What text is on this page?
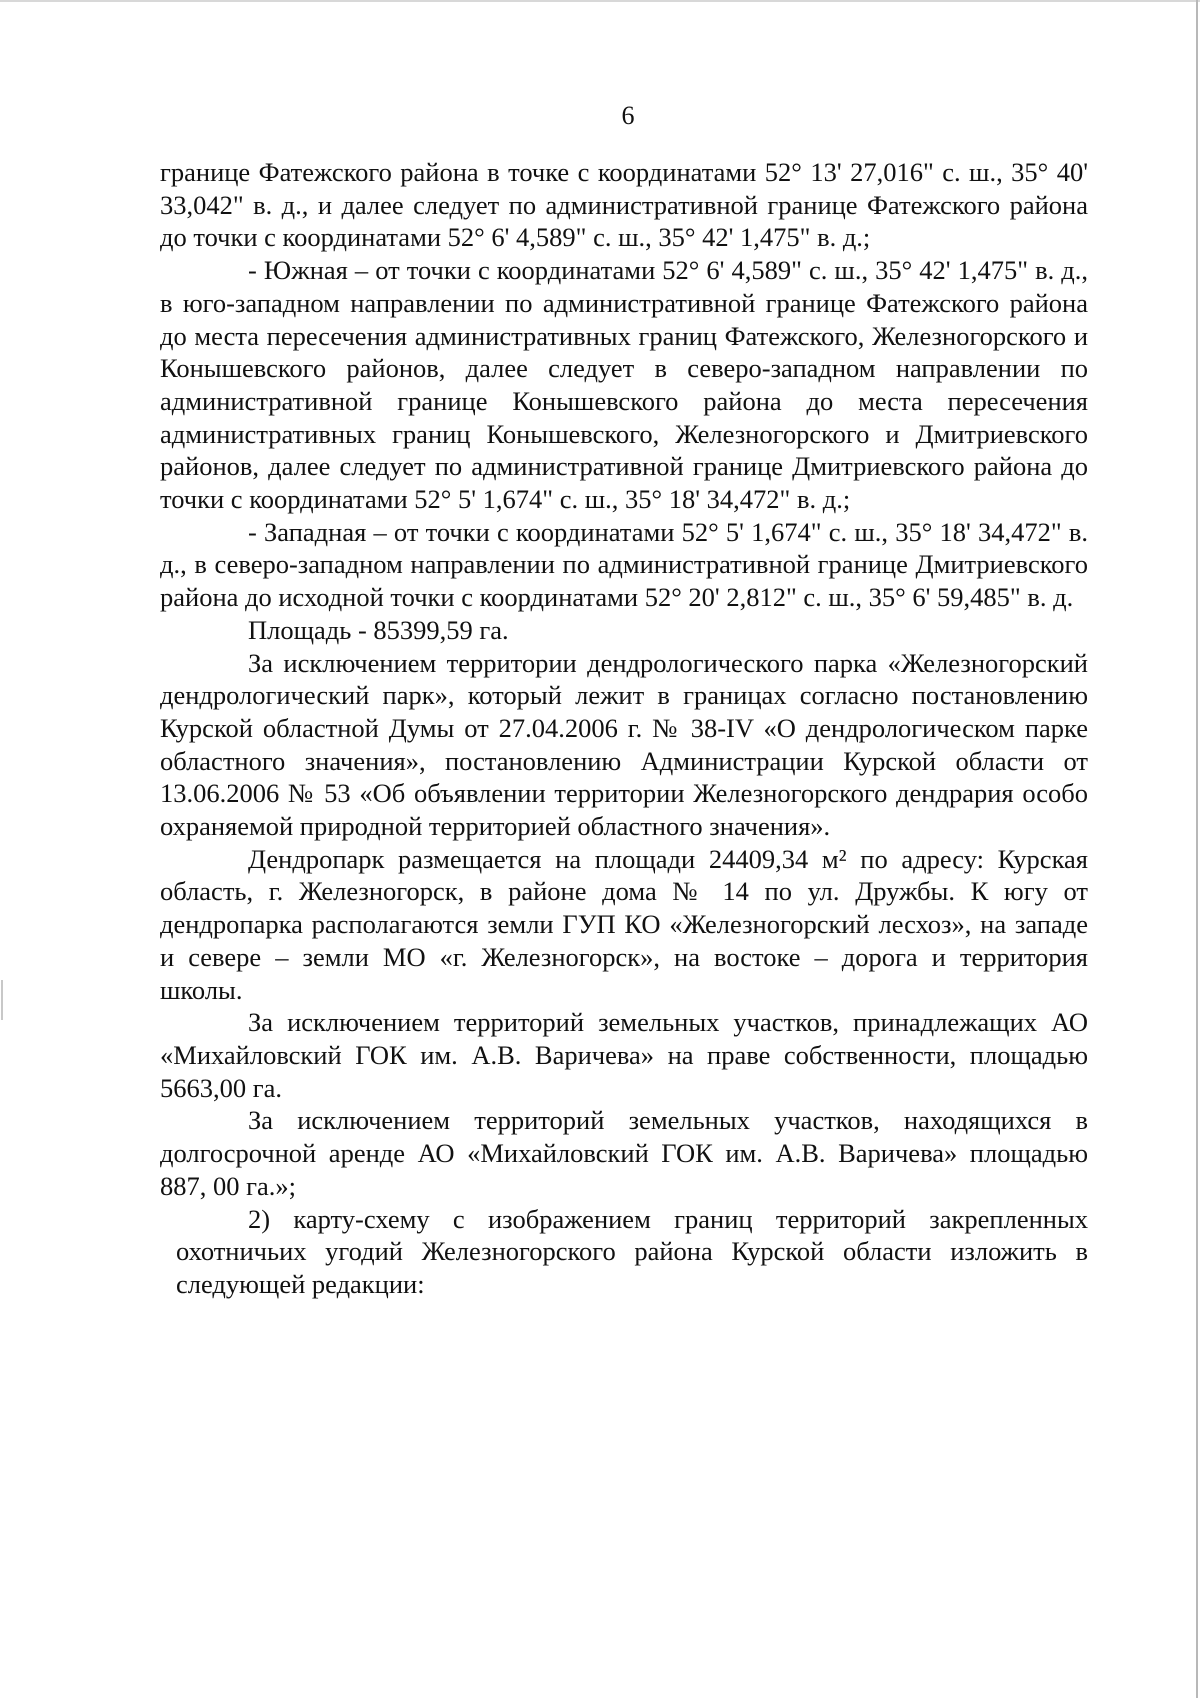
6

границе Фатежского района в точке с координатами 52° 13' 27,016" с. ш., 35° 40' 33,042" в. д., и далее следует по административной границе Фатежского района до точки с координатами 52° 6' 4,589" с. ш., 35° 42' 1,475" в. д.;

- Южная – от точки с координатами 52° 6' 4,589" с. ш., 35° 42' 1,475" в. д., в юго-западном направлении по административной границе Фатежского района до места пересечения административных границ Фатежского, Железногорского и Конышевского районов, далее следует в северо-западном направлении по административной границе Конышевского района до места пересечения административных границ Конышевского, Железногорского и Дмитриевского районов, далее следует по административной границе Дмитриевского района до точки с координатами 52° 5' 1,674" с. ш., 35° 18' 34,472" в. д.;

- Западная – от точки с координатами 52° 5' 1,674" с. ш., 35° 18' 34,472" в. д., в северо-западном направлении по административной границе Дмитриевского района до исходной точки с координатами 52° 20' 2,812" с. ш., 35° 6' 59,485" в. д.

Площадь - 85399,59 га.

За исключением территории дендрологического парка «Железногорский дендрологический парк», который лежит в границах согласно постановлению Курской областной Думы от 27.04.2006 г. № 38-IV «О дендрологическом парке областного значения», постановлению Администрации Курской области от 13.06.2006 № 53 «Об объявлении территории Железногорского дендрария особо охраняемой природной территорией областного значения».

Дендропарк размещается на площади 24409,34 м² по адресу: Курская область, г. Железногорск, в районе дома № 14 по ул. Дружбы. К югу от дендропарка располагаются земли ГУП КО «Железногорский лесхоз», на западе и севере – земли МО «г. Железногорск», на востоке – дорога и территория школы.

За исключением территорий земельных участков, принадлежащих АО «Михайловский ГОК им. А.В. Варичева» на праве собственности, площадью 5663,00 га.

За исключением территорий земельных участков, находящихся в долгосрочной аренде АО «Михайловский ГОК им. А.В. Варичева» площадью 887, 00 га.»;

2) карту-схему с изображением границ территорий закрепленных охотничьих угодий Железногорского района Курской области изложить в следующей редакции:
